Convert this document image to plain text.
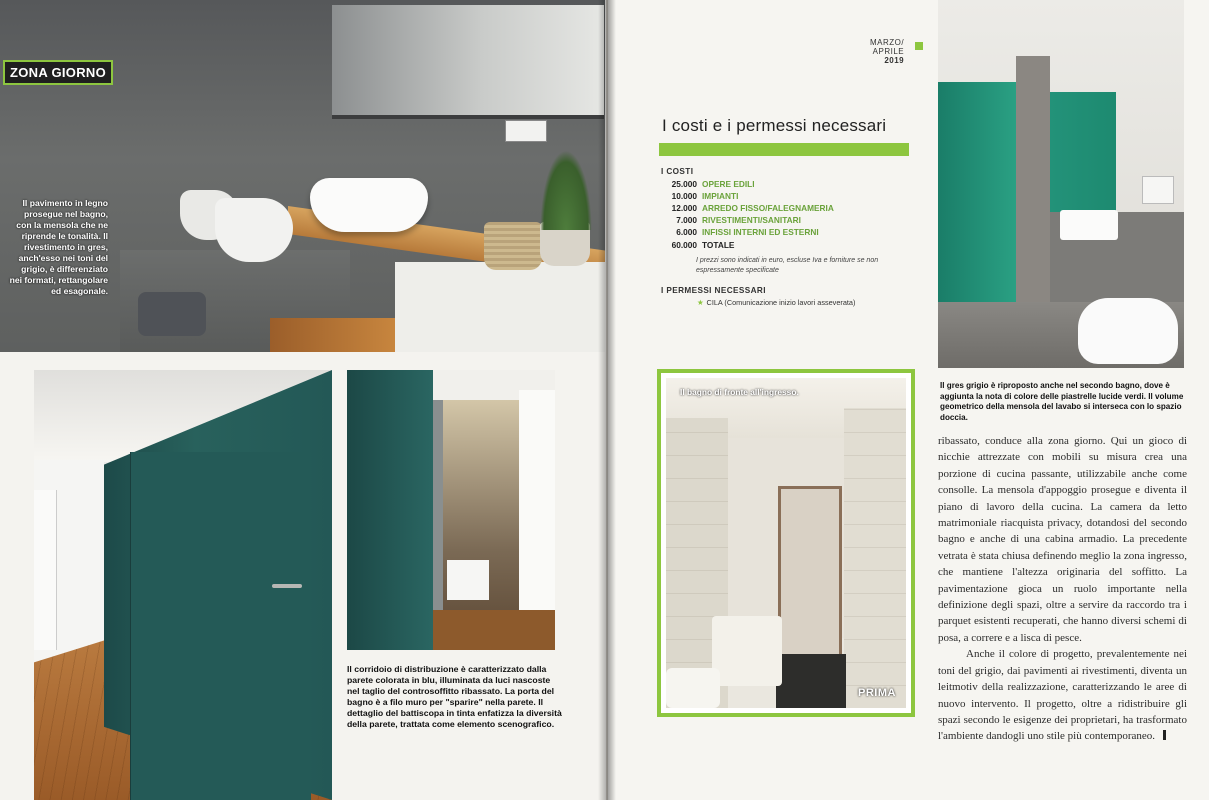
ZONA GIORNO
Il pavimento in legno prosegue nel bagno, con la mensola che ne riprende le tonalità. Il rivestimento in gres, anch'esso nei toni del grigio, è differenziato nei formati, rettangolare ed esagonale.
Il corridoio di distribuzione è caratterizzato dalla parete colorata in blu, illuminata da luci nascoste nel taglio del controsoffitto ribassato. La porta del bagno è a filo muro per "sparire" nella parete. Il dettaglio del battiscopa in tinta enfatizza la diversità della parete, trattata come elemento scenografico.
MARZO/
APRILE
2019
I costi e i permessi necessari
I COSTI
25.000 OPERE EDILI
10.000 IMPIANTI
12.000 ARREDO FISSO/FALEGNAMERIA
7.000 RIVESTIMENTI/SANITARI
6.000 INFISSI INTERNI ED ESTERNI
60.000 TOTALE
I prezzi sono indicati in euro, escluse Iva e forniture se non espressamente specificate
I PERMESSI NECESSARI
★ CILA (Comunicazione inizio lavori asseverata)
Il bagno di fronte all'ingresso.
PRIMA
Il gres grigio è riproposto anche nel secondo bagno, dove è aggiunta la nota di colore delle piastrelle lucide verdi. Il volume geometrico della mensola del lavabo si interseca con lo spazio doccia.

ribassato, conduce alla zona giorno. Qui un gioco di nicchie attrezzate con mobili su misura crea una porzione di cucina passante, utilizzabile anche come consolle. La mensola d'appoggio prosegue e diventa il piano di lavoro della cucina. La camera da letto matrimoniale riacquista privacy, dotandosi del secondo bagno e anche di una cabina armadio. La precedente vetrata è stata chiusa definendo meglio la zona ingresso, che mantiene l'altezza originaria del soffitto. La pavimentazione gioca un ruolo importante nella definizione degli spazi, oltre a servire da raccordo tra i parquet esistenti recuperati, che hanno diversi schemi di posa, a correre e a lisca di pesce.

Anche il colore di progetto, prevalentemente nei toni del grigio, dai pavimenti ai rivestimenti, diventa un leitmotiv della realizzazione, caratterizzando le aree di nuovo intervento. Il progetto, oltre a ridistribuire gli spazi secondo le esigenze dei proprietari, ha trasformato l'ambiente dandogli uno stile più contemporaneo.
